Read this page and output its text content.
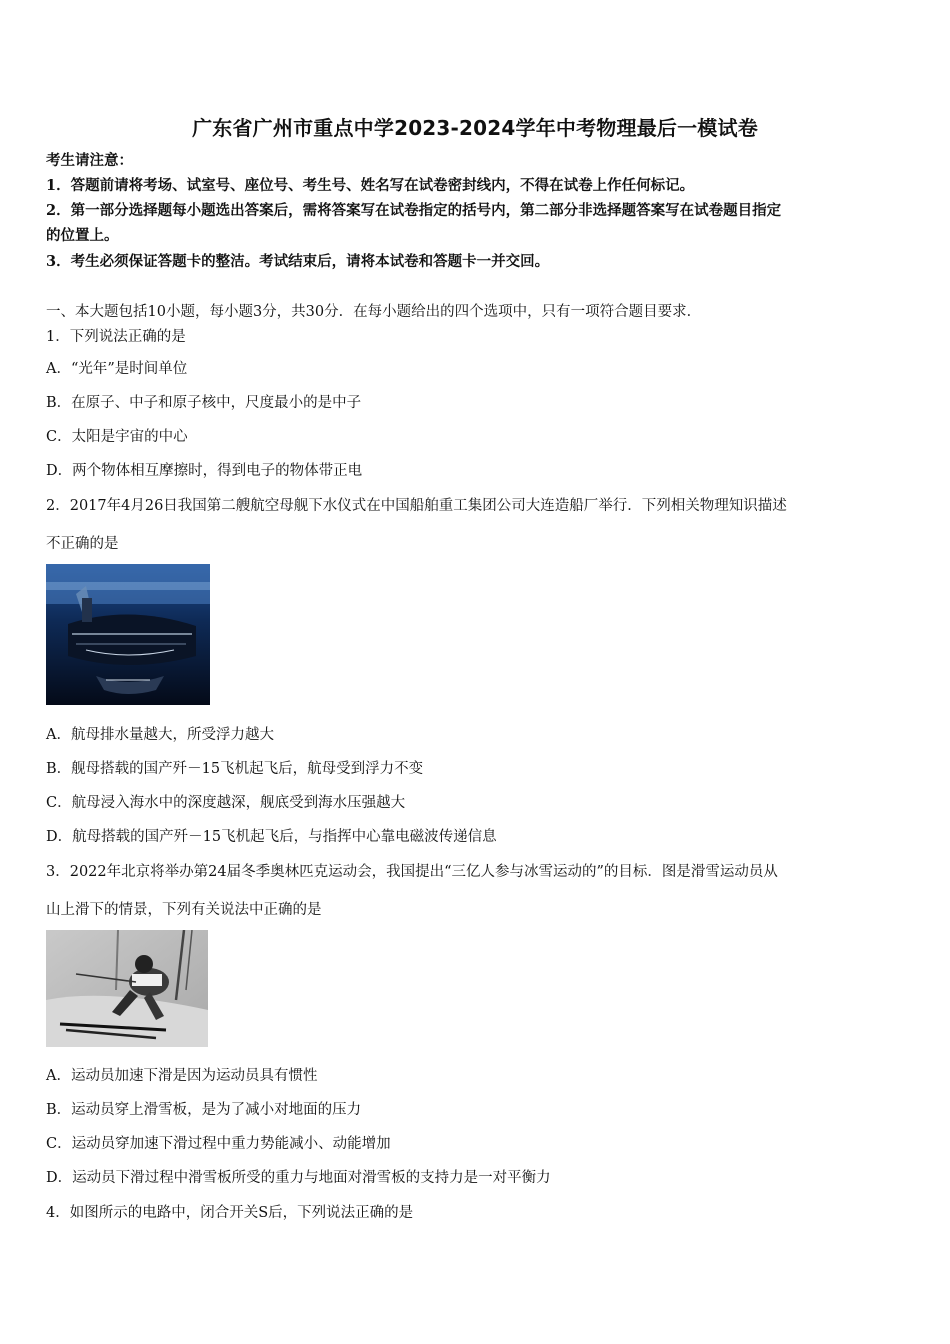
广东省广州市重点中学2023-2024学年中考物理最后一模试卷
考生请注意：
1．答题前请将考场、试室号、座位号、考生号、姓名写在试卷密封线内，不得在试卷上作任何标记。
2．第一部分选择题每小题选出答案后，需将答案写在试卷指定的括号内，第二部分非选择题答案写在试卷题目指定
的位置上。
3．考生必须保证答题卡的整洁。考试结束后，请将本试卷和答题卡一并交回。
一、本大题包括10小题，每小题3分，共30分．在每小题给出的四个选项中，只有一项符合题目要求．
1．下列说法正确的是
A．“光年”是时间单位
B．在原子、中子和原子核中，尺度最小的是中子
C．太阳是宇宙的中心
D．两个物体相互摩擦时，得到电子的物体带正电
2．2017年4月26日我国第二艘航空母舰下水仪式在中国船舶重工集团公司大连造船厂举行．下列相关物理知识描述
不正确的是
A．航母排水量越大，所受浮力越大
B．舰母搭载的国产歼－15飞机起飞后，航母受到浮力不变
C．航母浸入海水中的深度越深，舰底受到海水压强越大
D．航母搭载的国产歼－15飞机起飞后，与指挥中心靠电磁波传递信息
3．2022年北京将举办第24届冬季奥林匹克运动会，我国提出“三亿人参与冰雪运动的”的目标．图是滑雪运动员从
山上滑下的情景，下列有关说法中正确的是
A．运动员加速下滑是因为运动员具有惯性
B．运动员穿上滑雪板，是为了减小对地面的压力
C．运动员穿加速下滑过程中重力势能减小、动能增加
D．运动员下滑过程中滑雪板所受的重力与地面对滑雪板的支持力是一对平衡力
4．如图所示的电路中，闭合开关S后，下列说法正确的是
